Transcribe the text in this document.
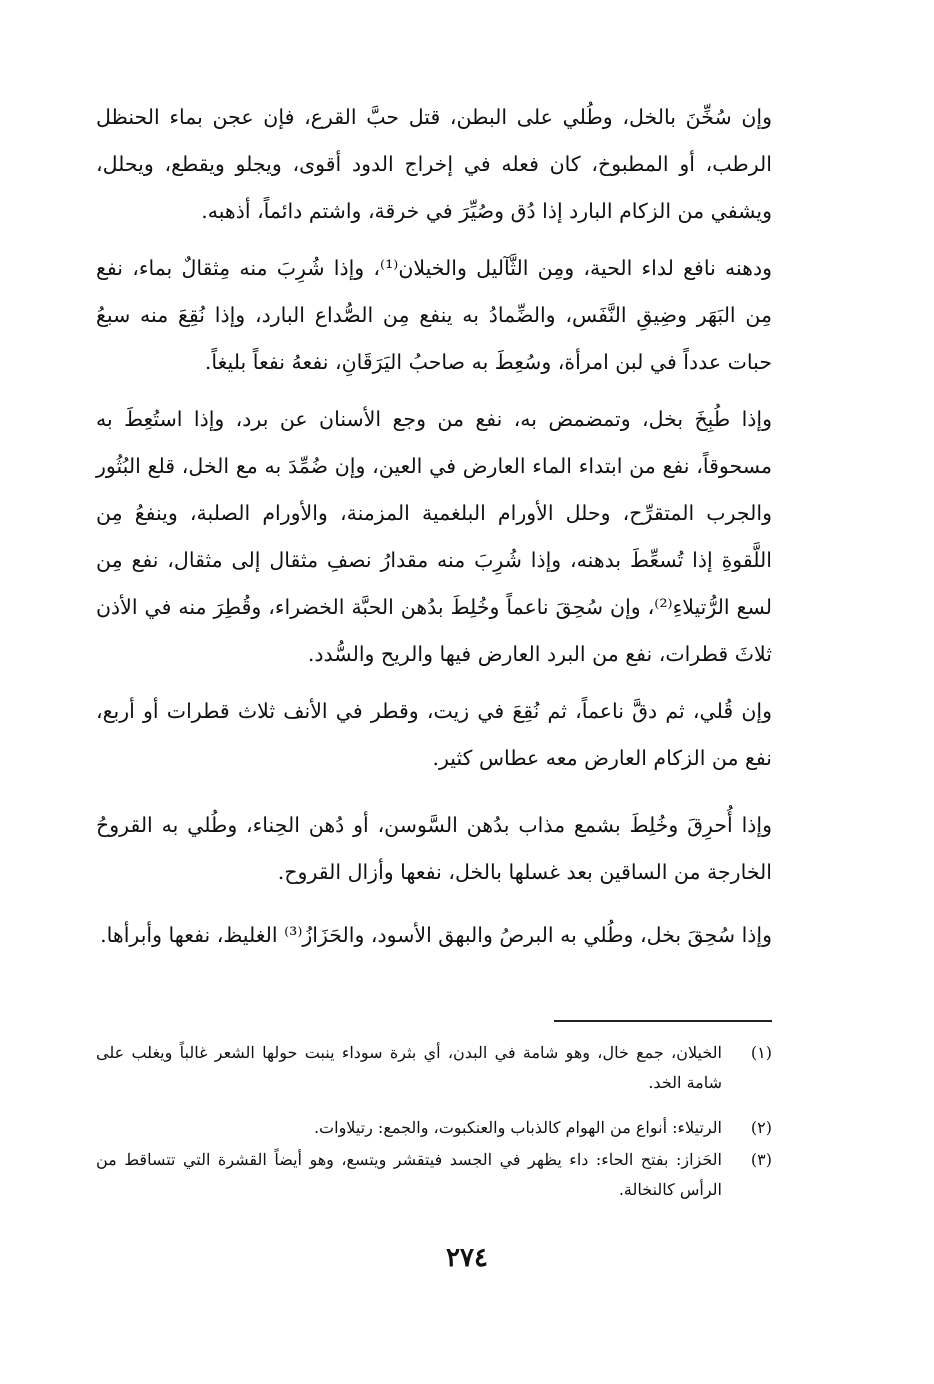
وإن سُخِّنَ بالخل، وطُلي على البطن، قتل حبَّ القرع، فإن عجن بماء الحنظل الرطب، أو المطبوخ، كان فعله في إخراج الدود أقوى، ويجلو ويقطع، ويحلل، ويشفي من الزكام البارد إذا دُق وصُيِّرَ في خرقة، واشتم دائماً، أذهبه.

ودهنه نافع لداء الحية، ومِن الثَّآليل والخيلان⁽¹⁾، وإذا شُرِبَ منه مِثقالٌ بماء، نفع مِن البَهَر وضِيقِ النَّفَس، والضِّمادُ به ينفع مِن الصُّداع البارد، وإذا نُقِعَ منه سبعُ حبات عدداً في لبن امرأة، وسُعِطَ به صاحبُ اليَرَقَانِ، نفعهُ نفعاً بليغاً.

وإذا طُبِخَ بخل، وتمضمض به، نفع من وجع الأسنان عن برد، وإذا استُعِطَ به مسحوقاً، نفع من ابتداء الماء العارض في العين، وإن ضُمِّدَ به مع الخل، قلع البُثُور والجرب المتقرِّح، وحلل الأورام البلغمية المزمنة، والأورام الصلبة، وينفعُ مِن اللَّقوةِ إذا تُسعِّطَ بدهنه، وإذا شُرِبَ منه مقدارُ نصفِ مثقال إلى مثقال، نفع مِن لسع الرُّتيلاءِ⁽²⁾، وإن سُحِقَ ناعماً وخُلِطَ بدُهن الحبَّة الخضراء، وقُطِرَ منه في الأذن ثلاثَ قطرات، نفع من البرد العارض فيها والريح والسُّدد.

وإن قُلي، ثم دقَّ ناعماً، ثم نُقِعَ في زيت، وقطر في الأنف ثلاث قطرات أو أربع، نفع من الزكام العارض معه عطاس كثير.

وإذا أُحرِقَ وخُلِطَ بشمع مذاب بدُهن السَّوسن، أو دُهن الحِناء، وطُلي به القروحُ الخارجة من الساقين بعد غسلها بالخل، نفعها وأزال القروح.

وإذا سُحِقَ بخل، وطُلي به البرصُ والبهق الأسود، والحَزَازُ⁽³⁾ الغليظ، نفعها وأبرأها.

(١)
الخيلان، جمع خال، وهو شامة في البدن، أي بثرة سوداء ينبت حولها الشعر غالباً ويغلب على شامة الخد.
(٢)
الرتيلاء: أنواع من الهوام كالذباب والعنكبوت، والجمع: رتيلاوات.
(٣)
الحَزاز: بفتح الحاء: داء يظهر في الجسد فيتقشر ويتسع، وهو أيضاً القشرة التي تتساقط من الرأس كالنخالة.
٢٧٤
